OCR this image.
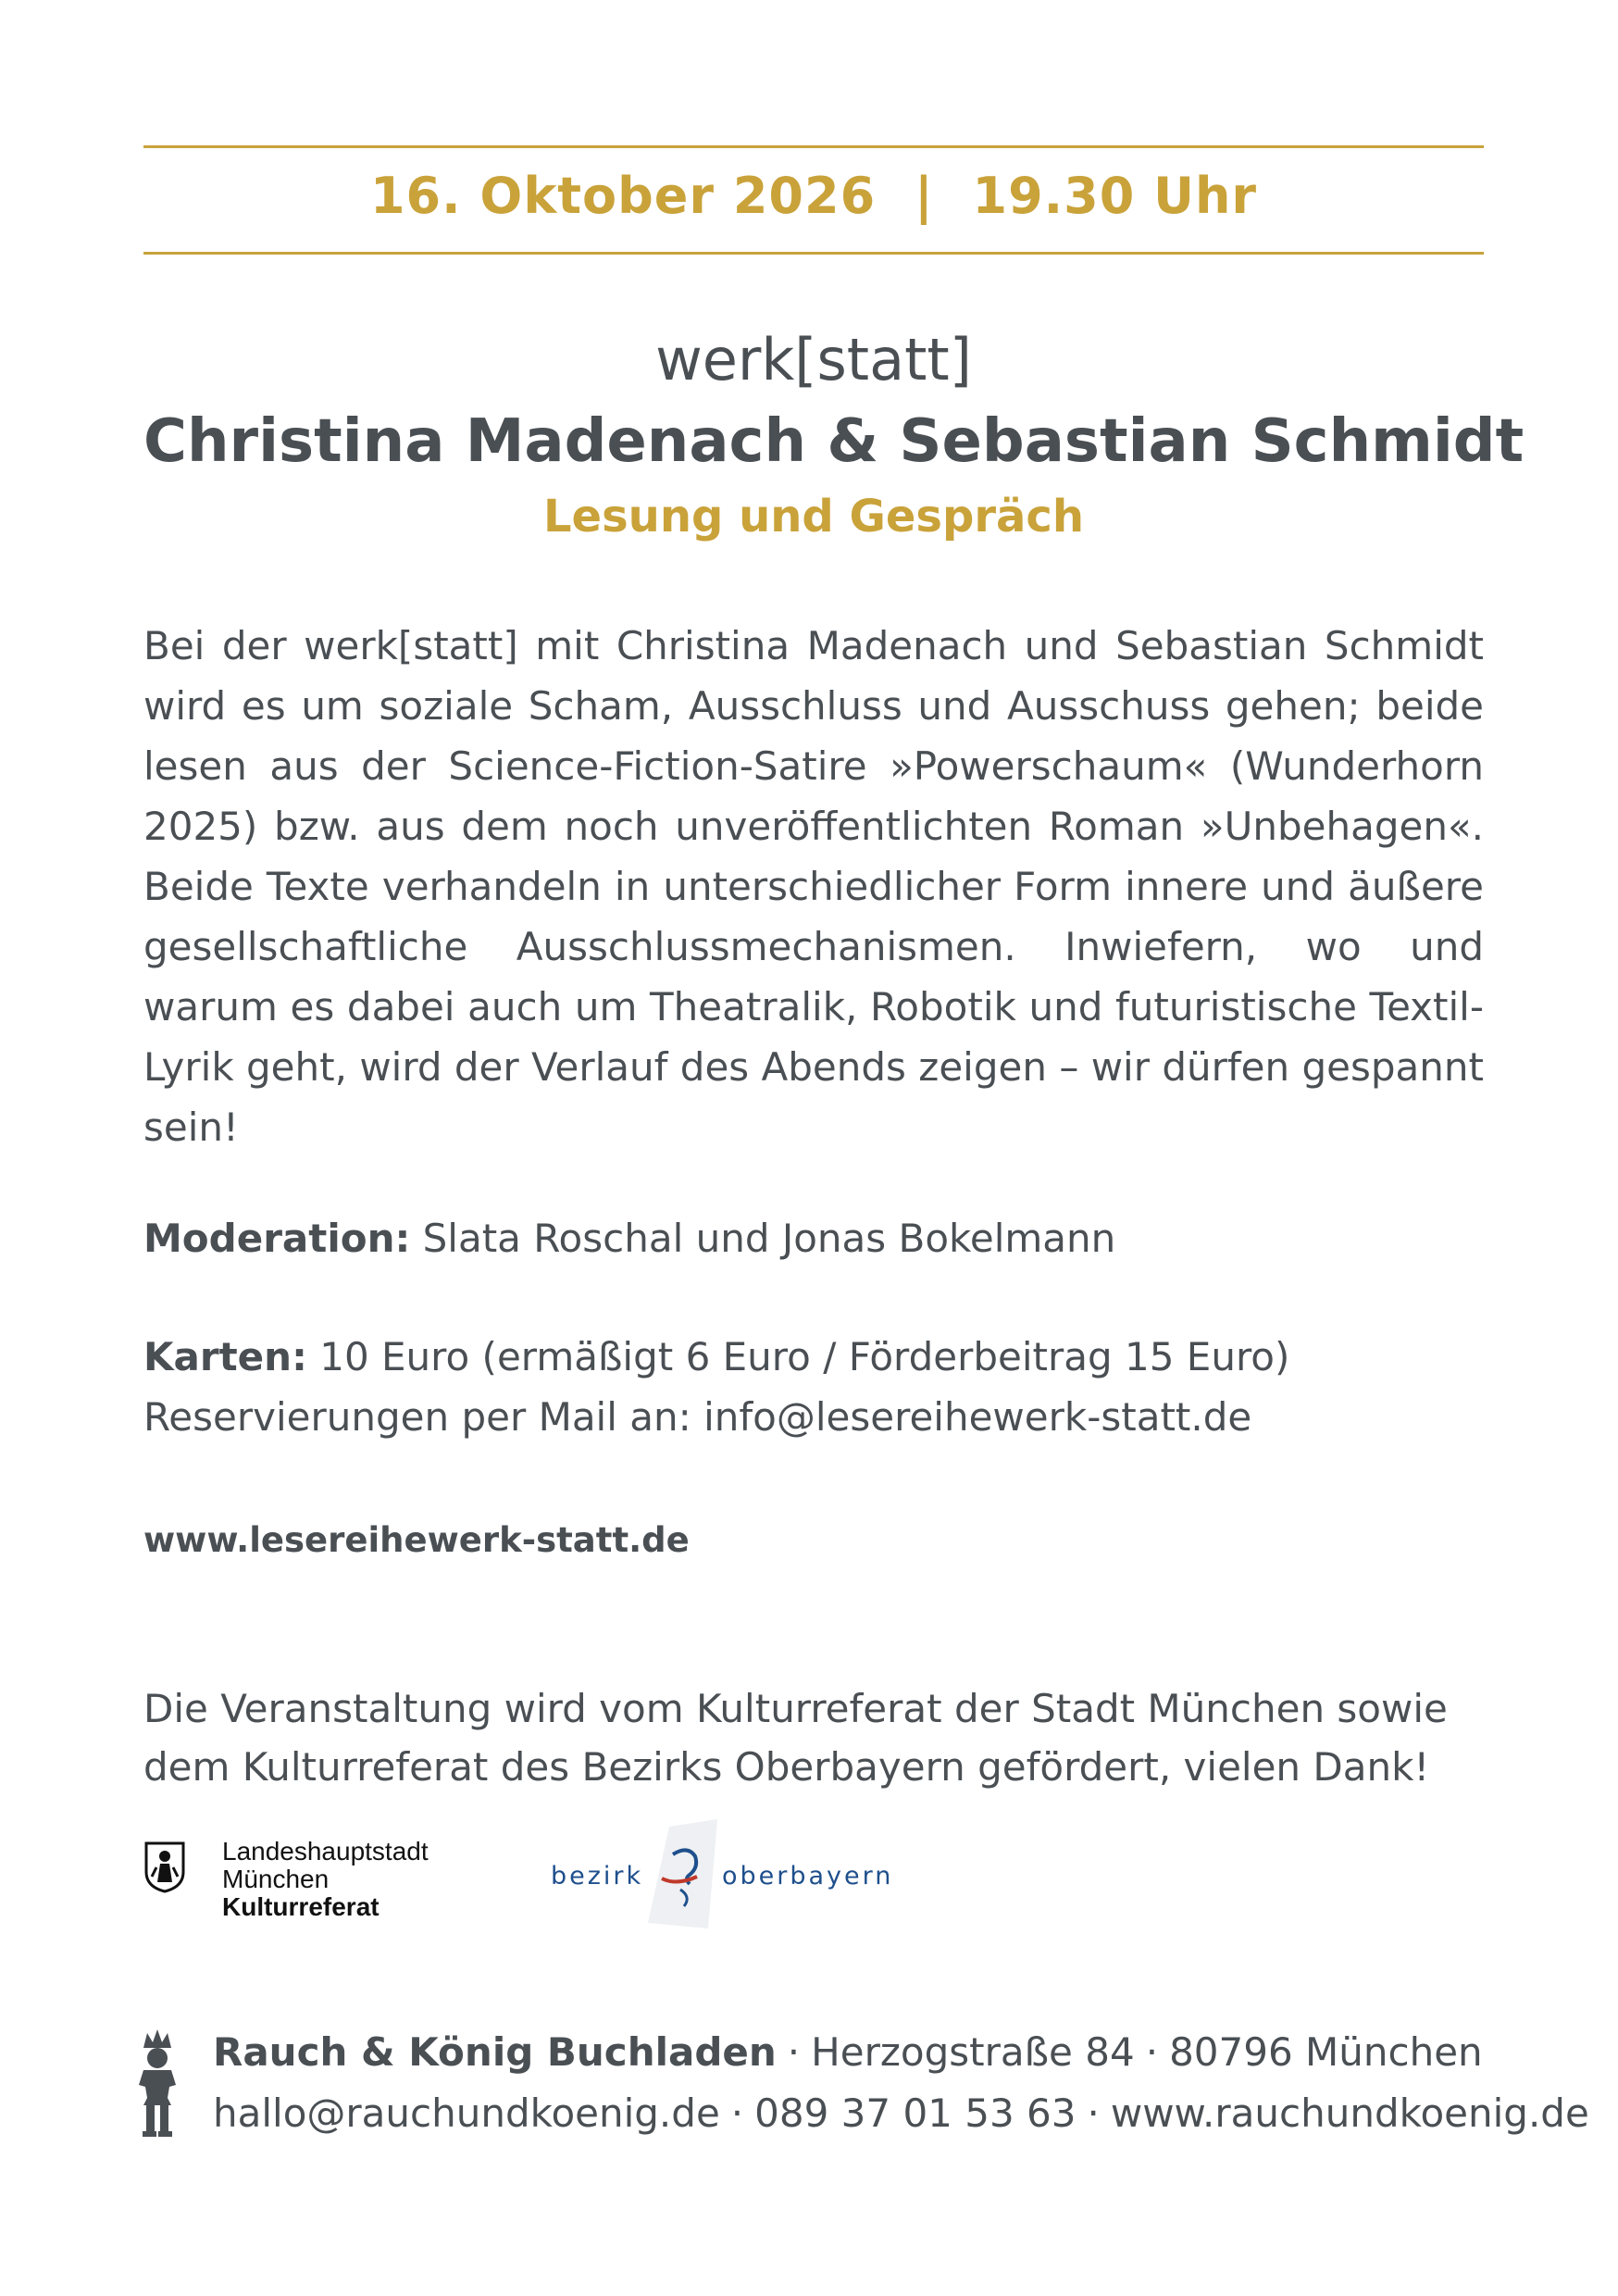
16. Oktober 2026 | 19.30 Uhr
werk[statt]
Christina Madenach & Sebastian Schmidt
Lesung und Gespräch
Bei der werk[statt] mit Christina Madenach und Sebastian Schmidt wird es um soziale Scham, Ausschluss und Ausschuss gehen; beide lesen aus der Science-Fiction-Satire »Powerschaum« (Wunderhorn 2025) bzw. aus dem noch unveröffentlichten Roman »Unbehagen«. Beide Texte verhandeln in unterschiedlicher Form innere und äußere gesellschaftliche Ausschlussmechanismen. Inwiefern, wo und warum es dabei auch um Theatralik, Robotik und futuristische Textil-Lyrik geht, wird der Verlauf des Abends zeigen – wir dürfen gespannt sein!
Moderation: Slata Roschal und Jonas Bokelmann
Karten: 10 Euro (ermäßigt 6 Euro / Förderbeitrag 15 Euro)
Reservierungen per Mail an: info@lesereihewerk-statt.de
www.lesereihewerk-statt.de
Die Veranstaltung wird vom Kulturreferat der Stadt München sowie dem Kulturreferat des Bezirks Oberbayern gefördert, vielen Dank!
Landeshauptstadt
München
Kulturreferat
bezirk	oberbayern
Rauch & König Buchladen · Herzogstraße 84 · 80796 München
hallo@rauchundkoenig.de · 089 37 01 53 63 · www.rauchundkoenig.de
